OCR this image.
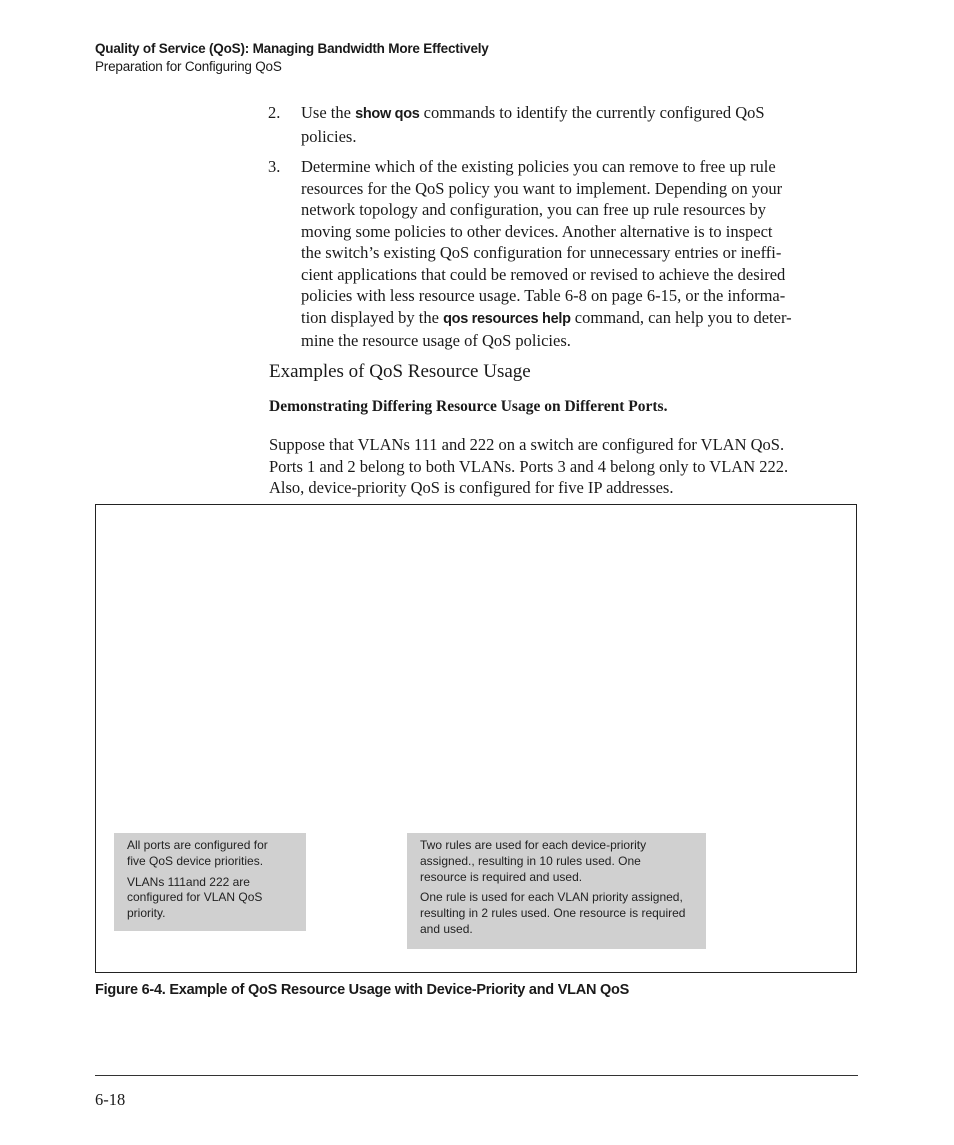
Quality of Service (QoS): Managing Bandwidth More Effectively
Preparation for Configuring QoS
2.	Use the show qos commands to identify the currently configured QoS
policies.
3.	Determine which of the existing policies you can remove to free up rule
resources for the QoS policy you want to implement. Depending on your
network topology and configuration, you can free up rule resources by
moving some policies to other devices. Another alternative is to inspect
the switch’s existing QoS configuration for unnecessary entries or ineffi-
cient applications that could be removed or revised to achieve the desired
policies with less resource usage. Table 6-8 on page 6-15, or the informa-
tion displayed by the qos resources help command, can help you to deter-
mine the resource usage of QoS policies.
Examples of QoS Resource Usage
Demonstrating Differing Resource Usage on Different Ports.
Suppose that VLANs 111 and 222 on a switch are configured for VLAN QoS.
Ports 1 and 2 belong to both VLANs. Ports 3 and 4 belong only to VLAN 222.
Also, device-priority QoS is configured for five IP addresses.

All ports are configured for
five QoS device priorities.

VLANs 111and 222 are
configured for VLAN QoS
priority.

Two rules are used for each device-priority
assigned., resulting in 10 rules used. One
resource is required and used.

One rule is used for each VLAN priority assigned,
resulting in 2 rules used. One resource is required
and used.

Figure 6-4. Example of QoS Resource Usage with Device-Priority and VLAN QoS
6-18
